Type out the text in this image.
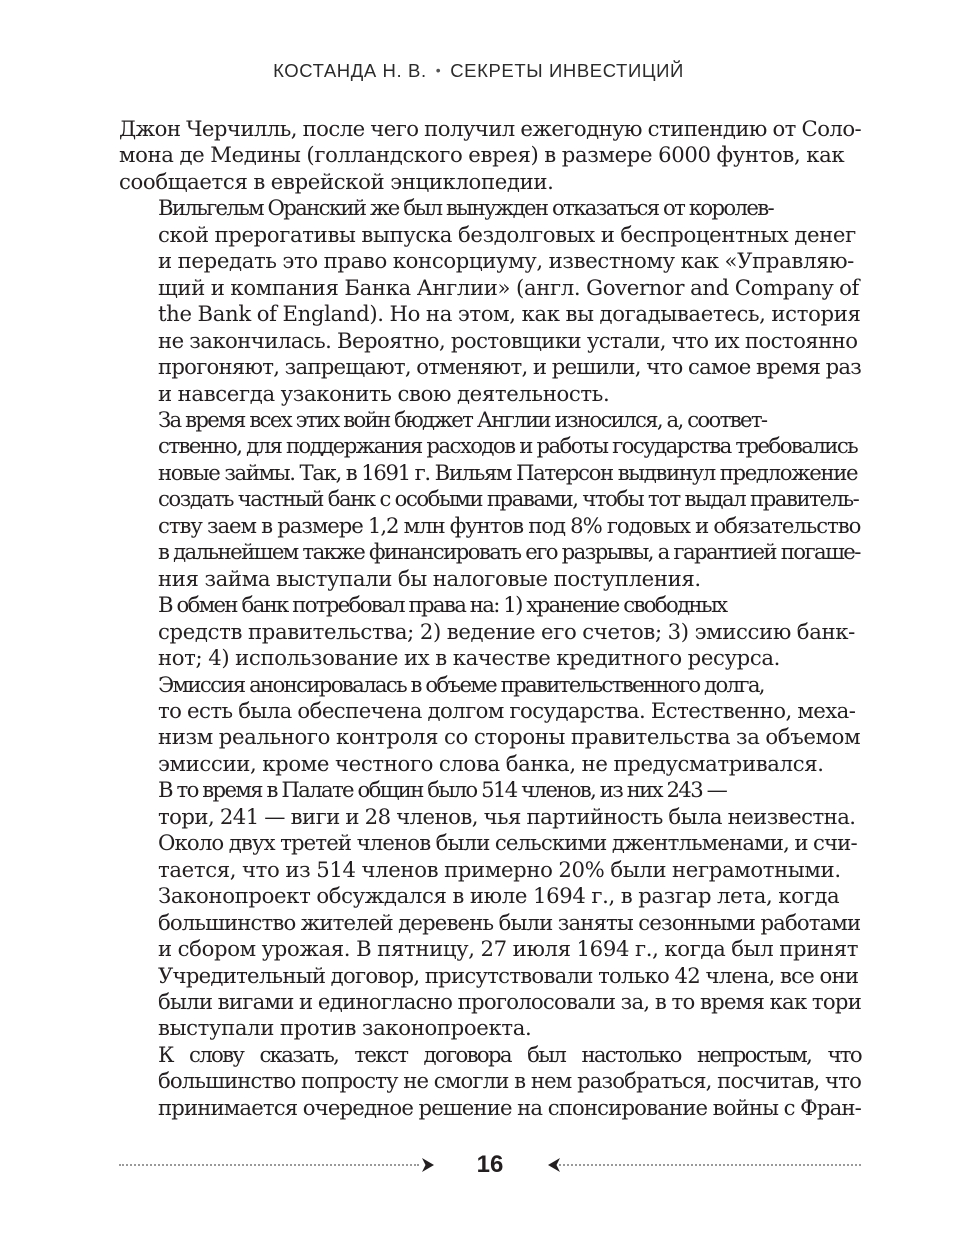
КОСТАНДА Н. В. • СЕКРЕТЫ ИНВЕСТИЦИЙ

Джон Черчилль, после чего получил ежегодную стипендию от Соло-
мона де Медины (голландского еврея) в размере 6000 фунтов, как
сообщается в еврейской энциклопедии.

Вильгельм Оранский же был вынужден отказаться от королев-
ской прерогативы выпуска бездолговых и беспроцентных денег
и передать это право консорциуму, известному как «Управляю-
щий и компания Банка Англии» (англ. Governor and Company of
the Bank of England). Но на этом, как вы догадываетесь, история
не закончилась. Вероятно, ростовщики устали, что их постоянно
прогоняют, запрещают, отменяют, и решили, что самое время раз
и навсегда узаконить свою деятельность.

За время всех этих войн бюджет Англии износился, а, соответ-
ственно, для поддержания расходов и работы государства требовались
новые займы. Так, в 1691 г. Вильям Патерсон выдвинул предложение
создать частный банк с особыми правами, чтобы тот выдал правитель-
ству заем в размере 1,2 млн фунтов под 8% годовых и обязательство
в дальнейшем также финансировать его разрывы, а гарантией погаше-
ния займа выступали бы налоговые поступления.

В обмен банк потребовал права на: 1) хранение свободных
средств правительства; 2) ведение его счетов; 3) эмиссию банк-
нот; 4) использование их в качестве кредитного ресурса.

Эмиссия анонсировалась в объеме правительственного долга,
то есть была обеспечена долгом государства. Естественно, меха-
низм реального контроля со стороны правительства за объемом
эмиссии, кроме честного слова банка, не предусматривался.

В то время в Палате общин было 514 членов, из них 243 —
тори, 241 — виги и 28 членов, чья партийность была неизвестна.
Около двух третей членов были сельскими джентльменами, и счи-
тается, что из 514 членов примерно 20% были неграмотными.
Законопроект обсуждался в июле 1694 г., в разгар лета, когда
большинство жителей деревень были заняты сезонными работами
и сбором урожая. В пятницу, 27 июля 1694 г., когда был принят
Учредительный договор, присутствовали только 42 члена, все они
были вигами и единогласно проголосовали за, в то время как тори
выступали против законопроекта.

К слову сказать, текст договора был настолько непростым, что
большинство попросту не смогли в нем разобраться, посчитав, что
принимается очередное решение на спонсирование войны с Фран-

16
